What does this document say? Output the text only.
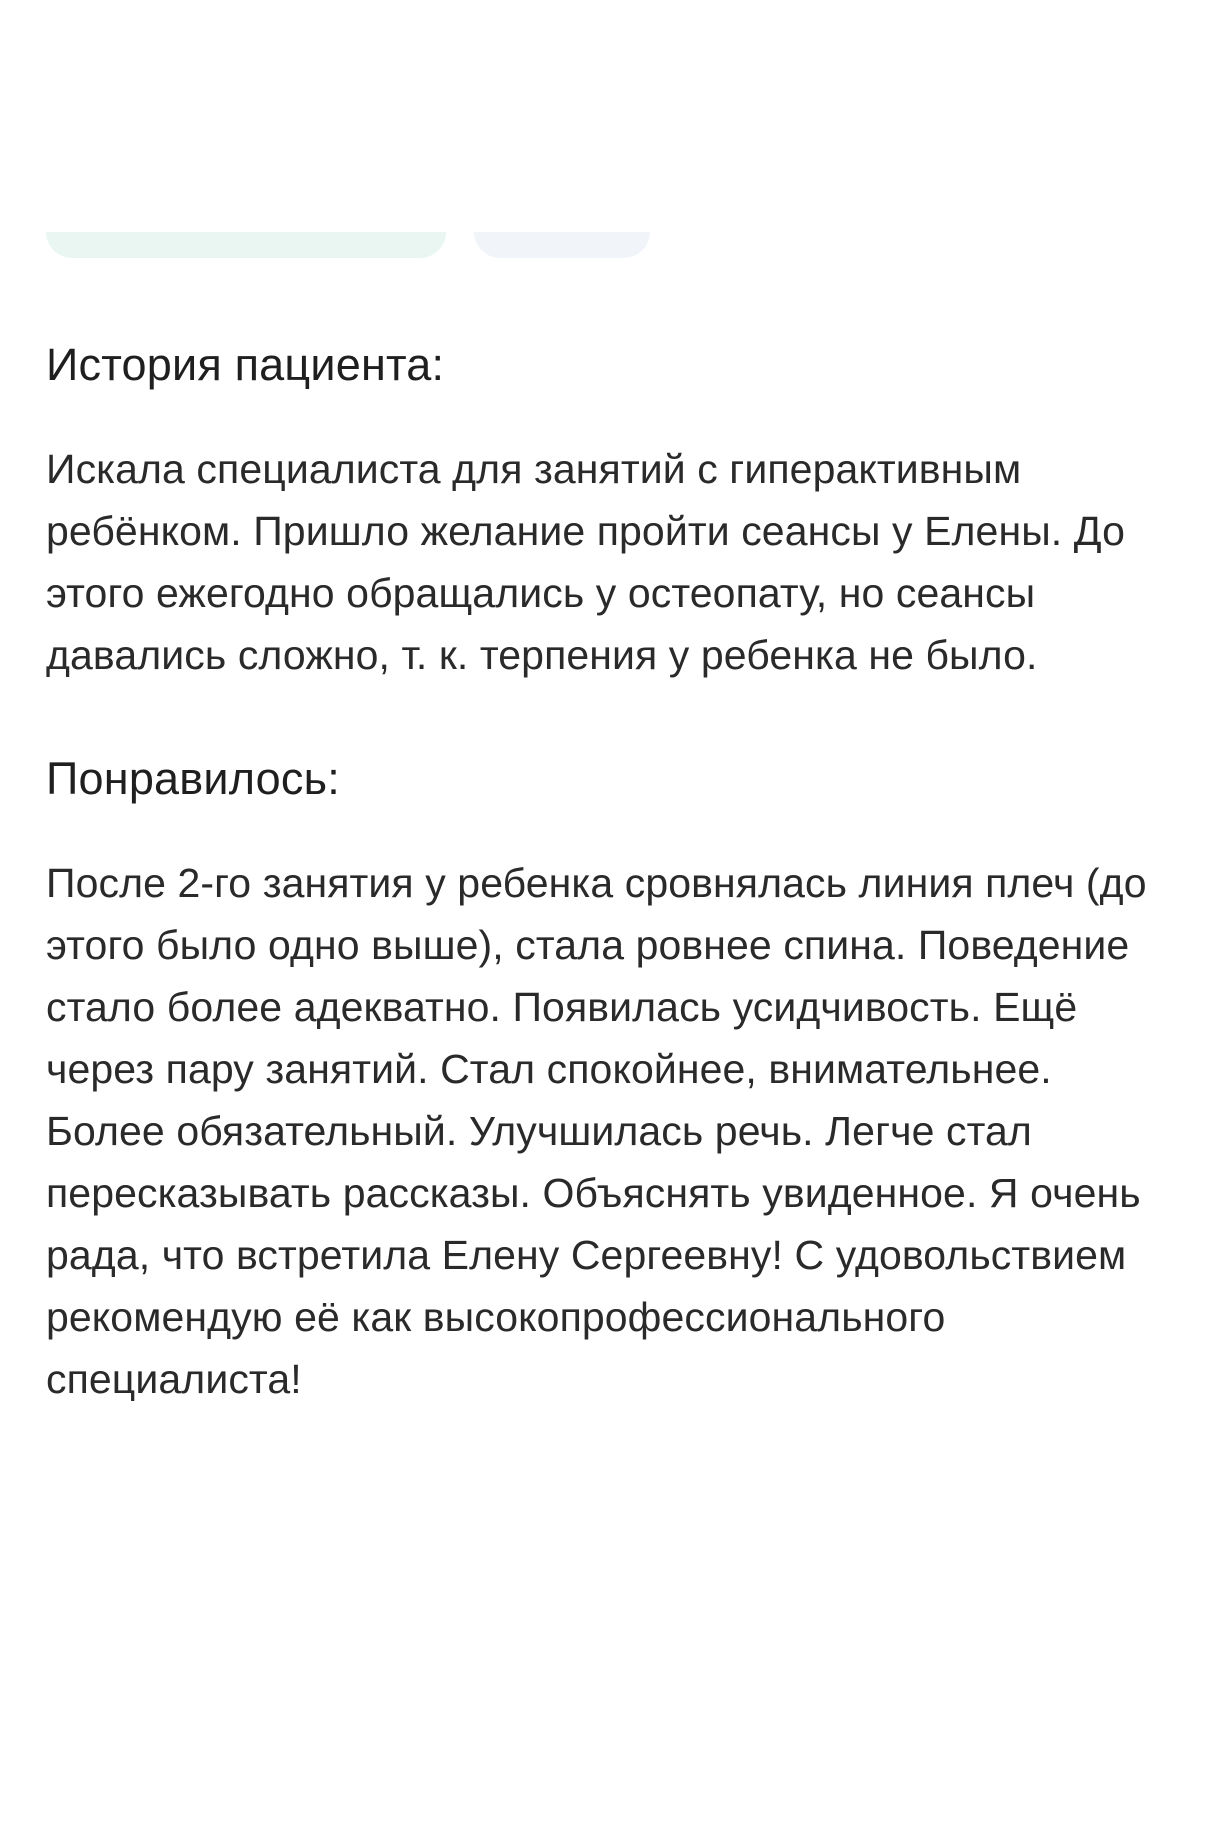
История пациента:

Искала специалиста для занятий с гиперактивным ребёнком. Пришло желание пройти сеансы у Елены. До этого ежегодно обращались у остеопату, но сеансы давались сложно, т. к. терпения у ребенка не было.

Понравилось:

После 2-го занятия у ребенка сровнялась линия плеч (до этого было одно выше), стала ровнее спина. Поведение стало более адекватно. Появилась усидчивость. Ещё через пару занятий. Стал спокойнее, внимательнее. Более обязательный. Улучшилась речь. Легче стал пересказывать рассказы. Объяснять увиденное. Я очень рада, что встретила Елену Сергеевну! С удовольствием рекомендую её как высокопрофессионального специалиста!
